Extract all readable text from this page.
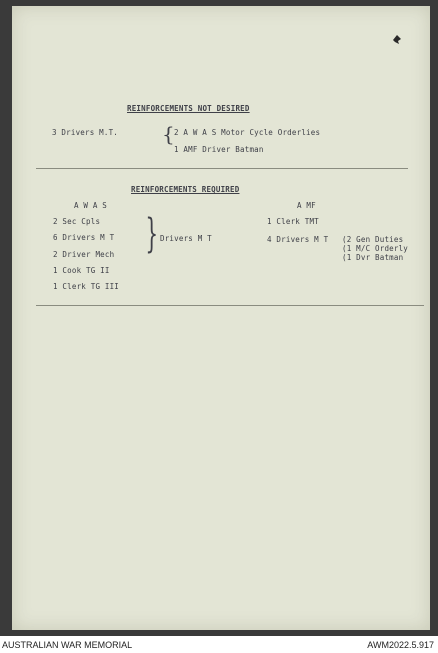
REINFORCEMENTS NOT DESIRED
3 Drivers M.T. { 2 A W A S Motor Cycle Orderlies
1 AMF Driver Batman
REINFORCEMENTS REQUIRED
A W A S
2 Sec Cpls
6 Drivers M T
2 Driver Mech
1 Cook TG II
1 Clerk TG III
} Drivers M T
A MF
1 Clerk TMT
4 Drivers M T (2 Gen Duties
(1 M/C Orderly
(1 Dvr Batman
AUSTRALIAN WAR MEMORIAL	AWM2022.5.917
